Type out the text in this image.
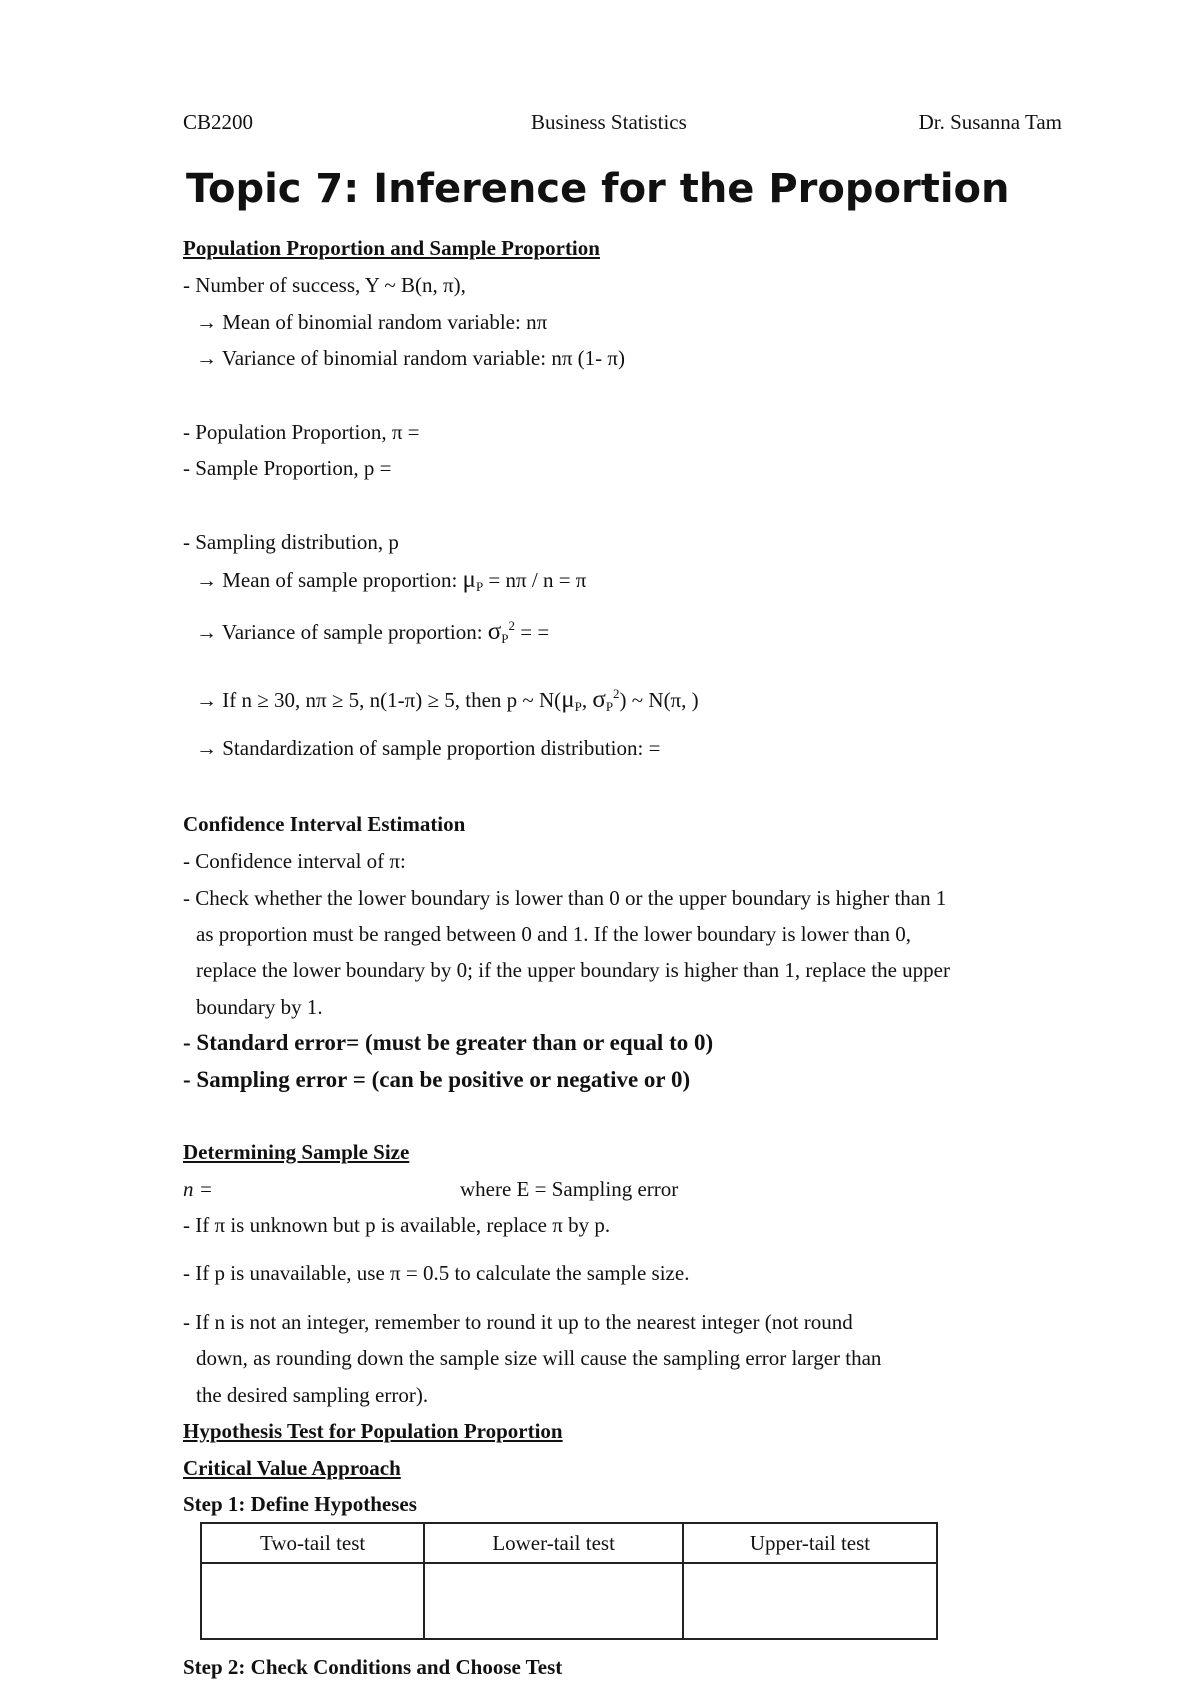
CB2200	Business Statistics	Dr. Susanna Tam
Topic 7: Inference for the Proportion
Population Proportion and Sample Proportion
- Number of success, Y ~ B(n, π),
→ Mean of binomial random variable: nπ
→ Variance of binomial random variable: nπ (1- π)
- Population Proportion, π =
- Sample Proportion, p =
- Sampling distribution, p
→ Mean of sample proportion: μP = nπ / n = π
→ Variance of sample proportion: $\sigma P^2$ = =
→ If n ≥ 30, nπ ≥ 5, n(1-π) ≥ 5, then p ~ N(μP, $\sigma P^2$) ~ N(π, )
→ Standardization of sample proportion distribution: =
Confidence Interval Estimation
- Confidence interval of π:
- Check whether the lower boundary is lower than 0 or the upper boundary is higher than 1
as proportion must be ranged between 0 and 1. If the lower boundary is lower than 0,
replace the lower boundary by 0; if the upper boundary is higher than 1, replace the upper
boundary by 1.
- Standard error= (must be greater than or equal to 0)
- Sampling error = (can be positive or negative or 0)
Determining Sample Size
n =	where E = Sampling error
- If π is unknown but p is available, replace π by p.
- If p is unavailable, use π = 0.5 to calculate the sample size.
- If n is not an integer, remember to round it up to the nearest integer (not round
down, as rounding down the sample size will cause the sampling error larger than
the desired sampling error).
Hypothesis Test for Population Proportion
Critical Value Approach
Step 1: Define Hypotheses
Two-tail test	Lower-tail test	Upper-tail test

Step 2: Check Conditions and Choose Test
